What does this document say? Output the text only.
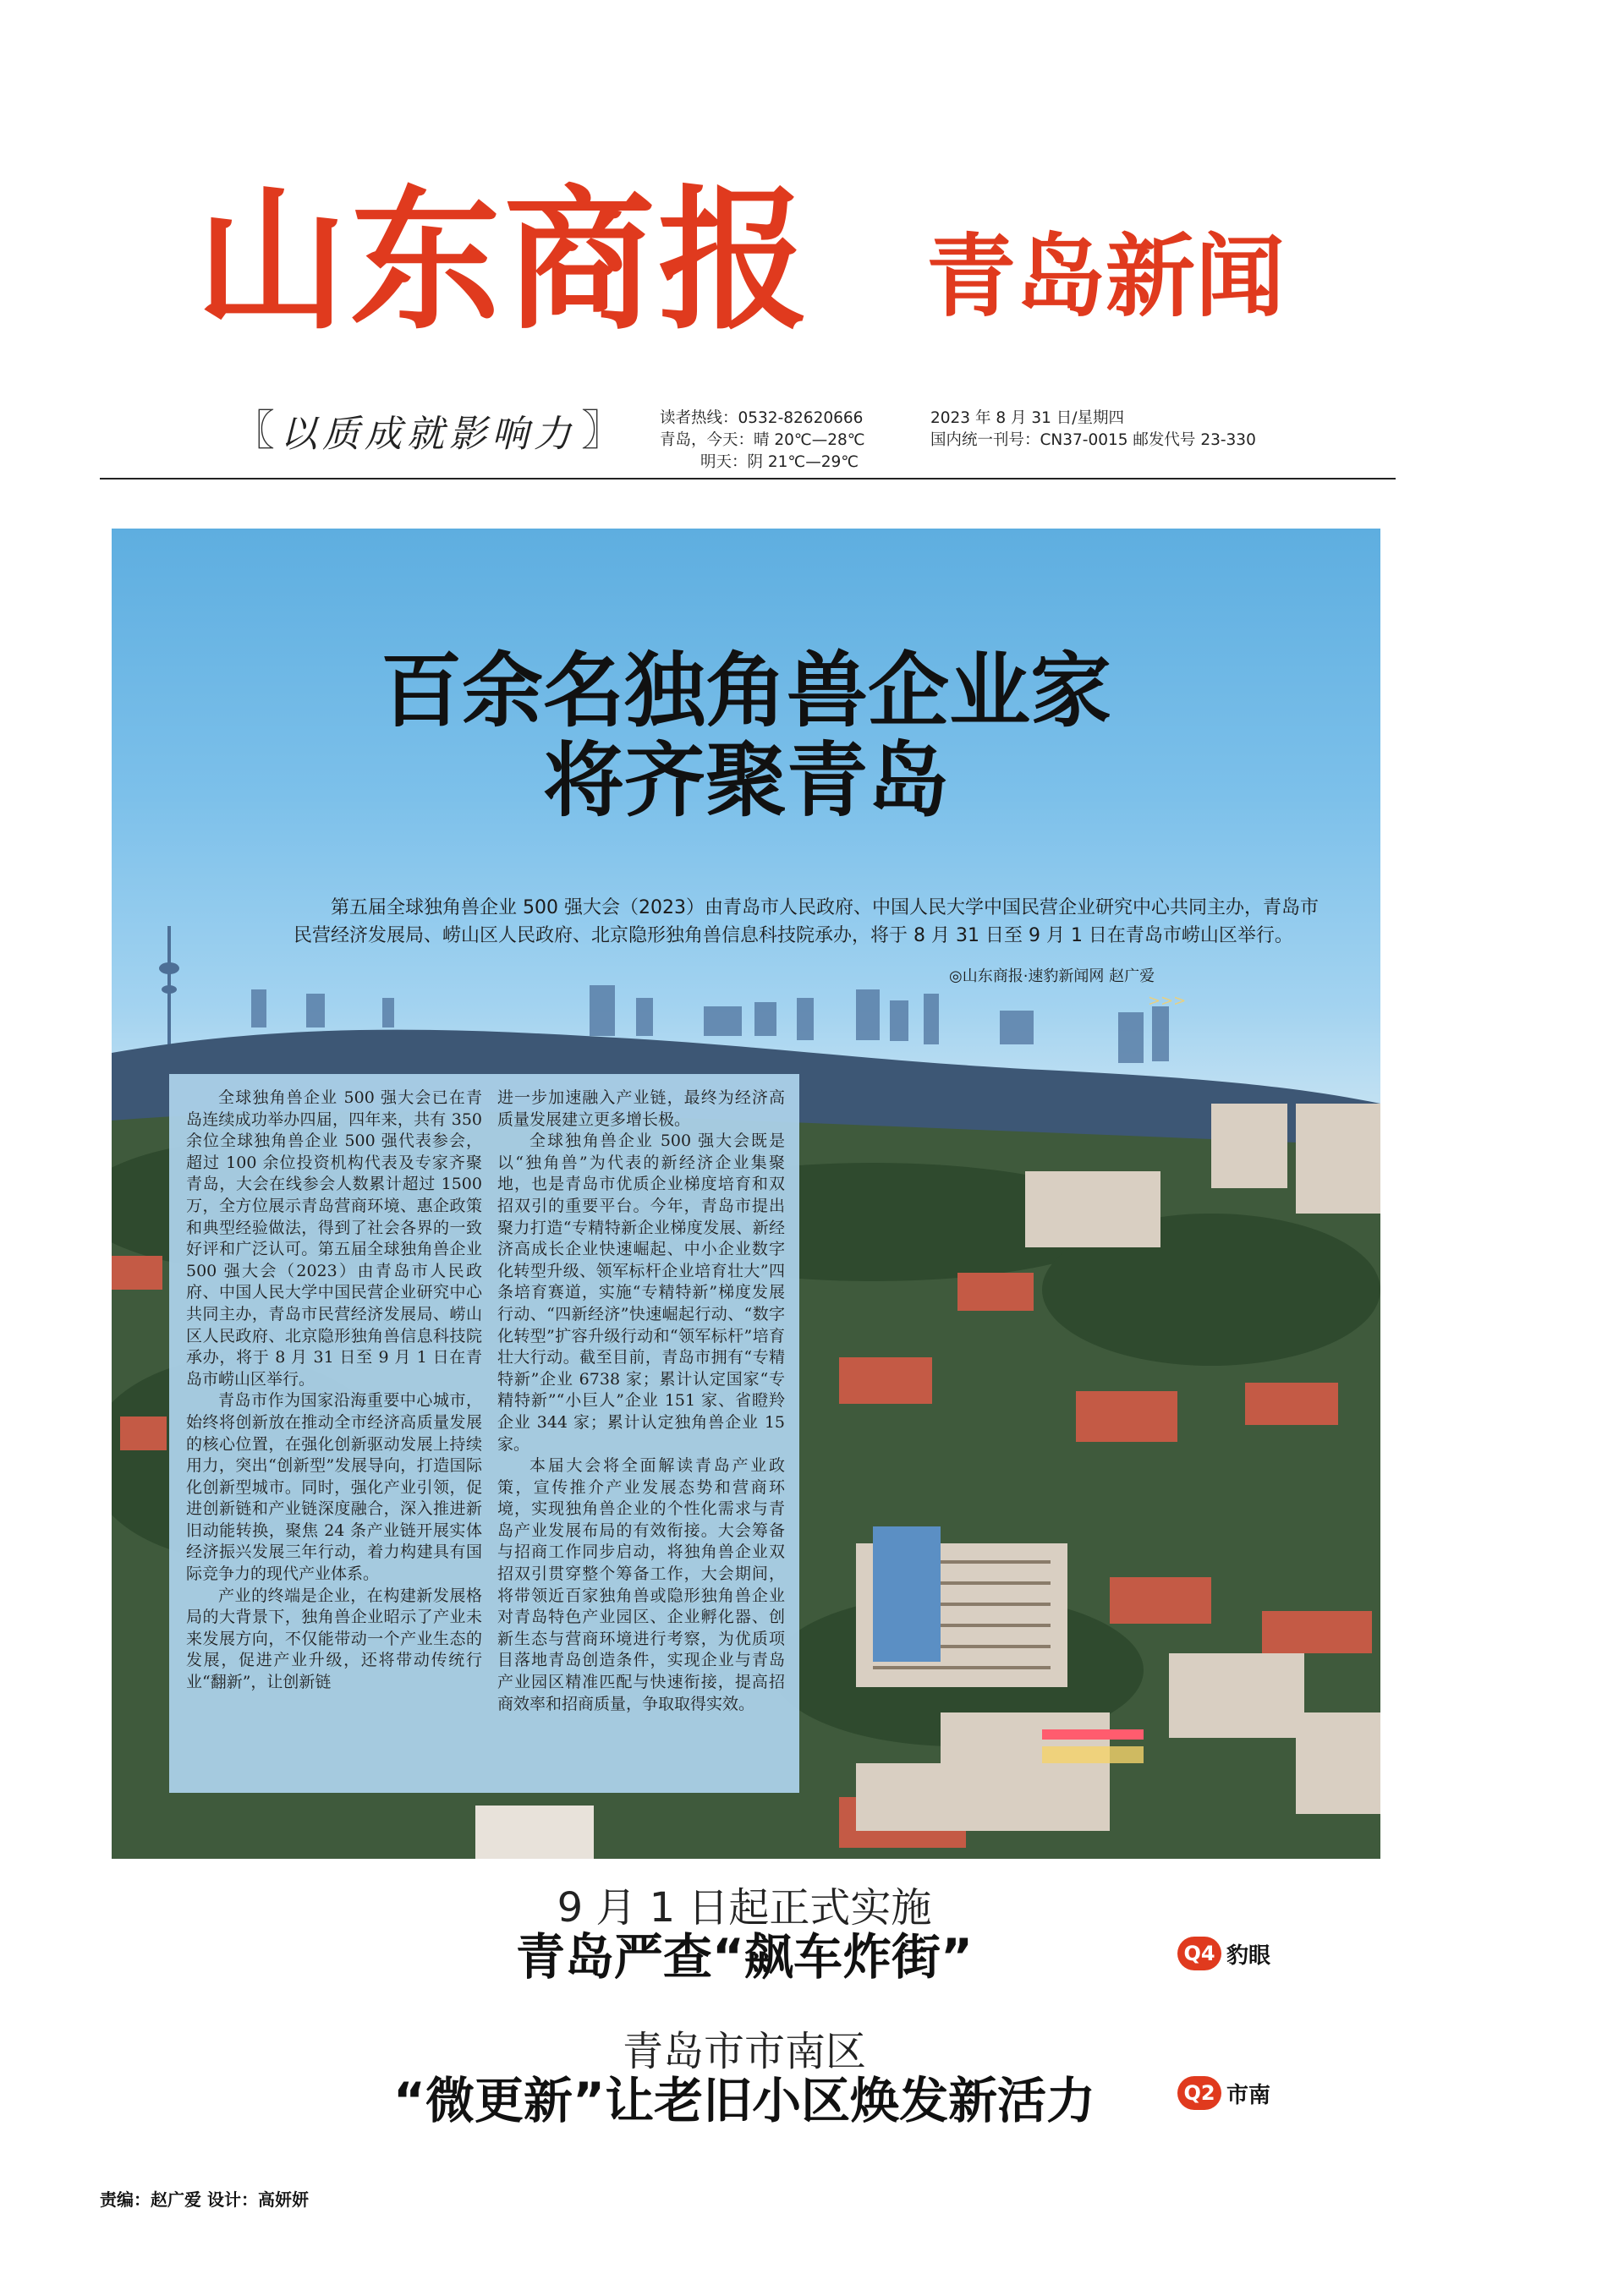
山东商报 青岛新闻
〖 以质成就影响力 〗 读者热线：0532-82620666
青岛，今天：晴 20℃—28℃
明天：阴 21℃—29℃
2023 年 8 月 31 日/星期四
国内统一刊号：CN37-0015 邮发代号 23-330
百余名独角兽企业家
将齐聚青岛
第五届全球独角兽企业 500 强大会（2023）由青岛市人民政府、中国人民大学中国民营企业研究中心共同主办，青岛市民营经济发展局、崂山区人民政府、北京隐形独角兽信息科技院承办，将于 8 月 31 日至 9 月 1 日在青岛市崂山区举行。
◎山东商报·速豹新闻网 赵广爱
>>>

全球独角兽企业 500 强大会已在青岛连续成功举办四届，四年来，共有 350 余位全球独角兽企业 500 强代表参会，超过 100 余位投资机构代表及专家齐聚青岛，大会在线参会人数累计超过 1500 万，全方位展示青岛营商环境、惠企政策和典型经验做法，得到了社会各界的一致好评和广泛认可。第五届全球独角兽企业 500 强大会（2023）由青岛市人民政府、中国人民大学中国民营企业研究中心共同主办，青岛市民营经济发展局、崂山区人民政府、北京隐形独角兽信息科技院承办，将于 8 月 31 日至 9 月 1 日在青岛市崂山区举行。

青岛市作为国家沿海重要中心城市，始终将创新放在推动全市经济高质量发展的核心位置，在强化创新驱动发展上持续用力，突出“创新型”发展导向，打造国际化创新型城市。同时，强化产业引领，促进创新链和产业链深度融合，深入推进新旧动能转换，聚焦 24 条产业链开展实体经济振兴发展三年行动，着力构建具有国际竞争力的现代产业体系。

产业的终端是企业，在构建新发展格局的大背景下，独角兽企业昭示了产业未来发展方向，不仅能带动一个产业生态的发展，促进产业升级，还将带动传统行业“翻新”，让创新链

进一步加速融入产业链，最终为经济高质量发展建立更多增长极。

全球独角兽企业 500 强大会既是以“独角兽”为代表的新经济企业集聚地，也是青岛市优质企业梯度培育和双招双引的重要平台。今年，青岛市提出聚力打造“专精特新企业梯度发展、新经济高成长企业快速崛起、中小企业数字化转型升级、领军标杆企业培育壮大”四条培育赛道，实施“专精特新”梯度发展行动、“四新经济”快速崛起行动、“数字化转型”扩容升级行动和“领军标杆”培育壮大行动。截至目前，青岛市拥有“专精特新”企业 6738 家；累计认定国家“专精特新”“小巨人”企业 151 家、省瞪羚企业 344 家；累计认定独角兽企业 15 家。

本届大会将全面解读青岛产业政策，宣传推介产业发展态势和营商环境，实现独角兽企业的个性化需求与青岛产业发展布局的有效衔接。大会筹备与招商工作同步启动，将独角兽企业双招双引贯穿整个筹备工作，大会期间，将带领近百家独角兽或隐形独角兽企业对青岛特色产业园区、企业孵化器、创新生态与营商环境进行考察，为优质项目落地青岛创造条件，实现企业与青岛产业园区精准匹配与快速衔接，提高招商效率和招商质量，争取取得实效。

9 月 1 日起正式实施
青岛严查“飙车炸街”	Q4 豹眼
青岛市市南区
“微更新”让老旧小区焕发新活力	Q2 市南
责编：赵广爱 设计：高妍妍
